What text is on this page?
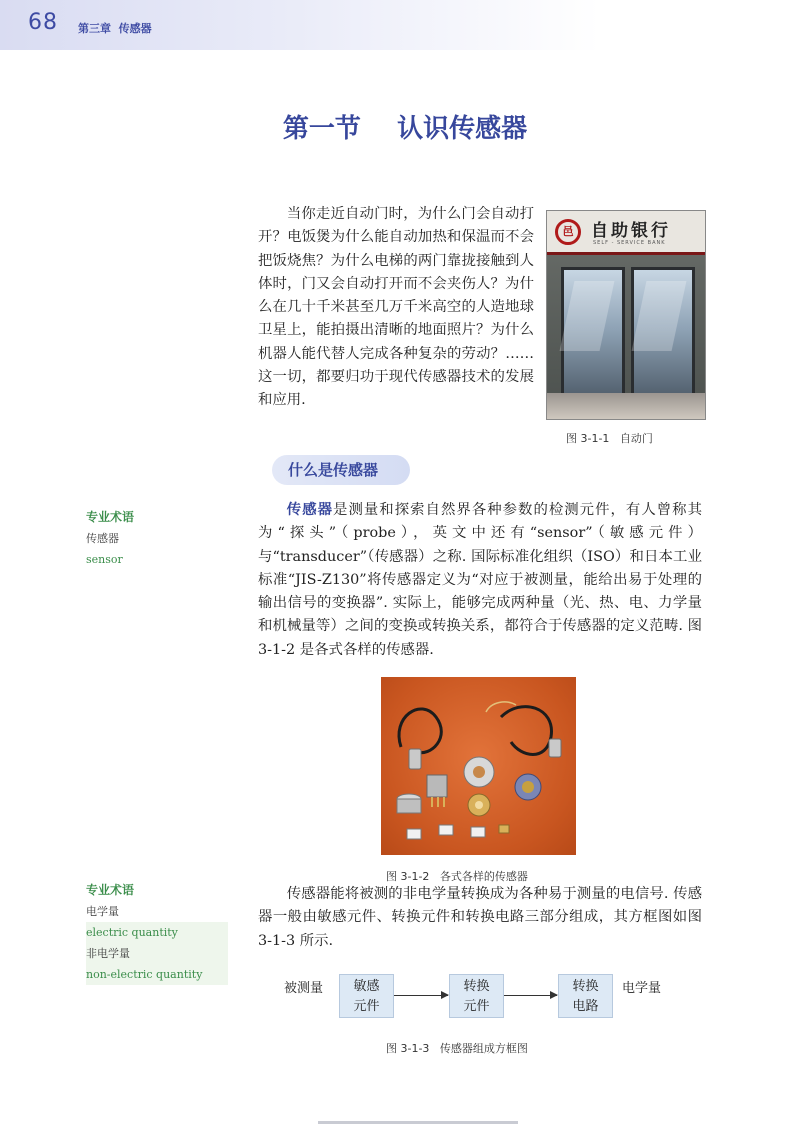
68 第三章  传感器
第一节    认识传感器

当你走近自动门时，为什么门会自动打开？电饭煲为什么能自动加热和保温而不会把饭烧焦？为什么电梯的两门靠拢接触到人体时，门又会自动打开而不会夹伤人？为什么在几十千米甚至几万千米高空的人造地球卫星上，能拍摄出清晰的地面照片？为什么机器人能代替人完成各种复杂的劳动？……这一切，都要归功于现代传感器技术的发展和应用.

邑	自助银行
SELF - SERVICE BANK
图 3-1-1   自动门
什么是传感器
专业术语
传感器
sensor

传感器是测量和探索自然界各种参数的检测元件，有人曾称其为“探头”（probe），英文中还有“sensor”（敏感元件）与“transducer”（传感器）之称. 国际标准化组织（ISO）和日本工业标准“JIS-Z130”将传感器定义为“对应于被测量，能给出易于处理的输出信号的变换器”. 实际上，能够完成两种量（光、热、电、力学量和机械量等）之间的变换或转换关系，都符合于传感器的定义范畴. 图 3-1-2 是各式各样的传感器.

图 3-1-2   各式各样的传感器
专业术语
电学量
electric quantity
非电学量
non-electric quantity

传感器能将被测的非电学量转换成为各种易于测量的电信号. 传感器一般由敏感元件、转换元件和转换电路三部分组成，其方框图如图 3-1-3 所示.

被测量	敏感
元件
转换
元件
转换
电路
电学量
图 3-1-3   传感器组成方框图
